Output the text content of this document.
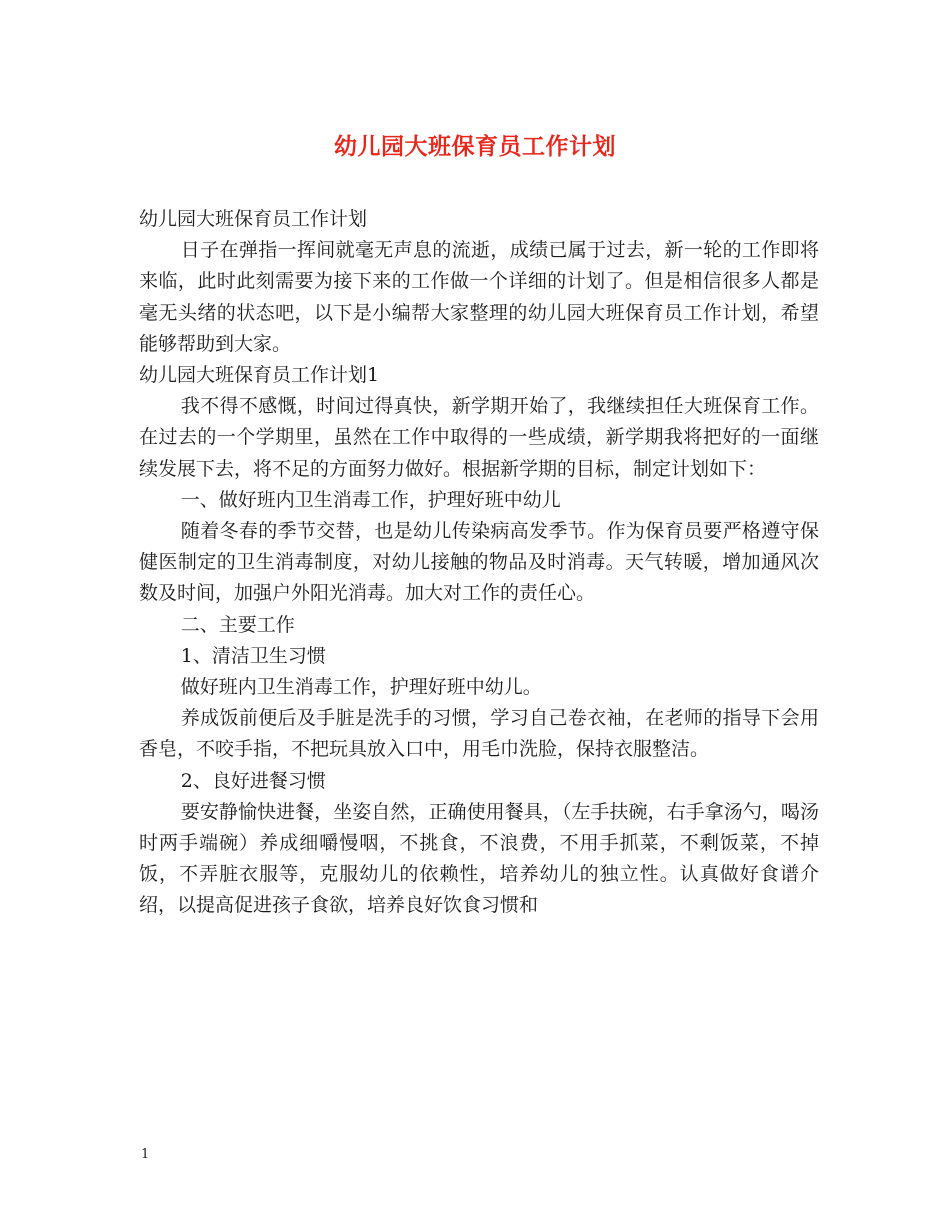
幼儿园大班保育员工作计划

幼儿园大班保育员工作计划

日子在弹指一挥间就毫无声息的流逝，成绩已属于过去，新一轮的工作即将来临，此时此刻需要为接下来的工作做一个详细的计划了。但是相信很多人都是毫无头绪的状态吧，以下是小编帮大家整理的幼儿园大班保育员工作计划，希望能够帮助到大家。

幼儿园大班保育员工作计划1

我不得不感慨，时间过得真快，新学期开始了，我继续担任大班保育工作。在过去的一个学期里，虽然在工作中取得的一些成绩，新学期我将把好的一面继续发展下去，将不足的方面努力做好。根据新学期的目标，制定计划如下：

一、做好班内卫生消毒工作，护理好班中幼儿

随着冬春的季节交替，也是幼儿传染病高发季节。作为保育员要严格遵守保健医制定的卫生消毒制度，对幼儿接触的物品及时消毒。天气转暖，增加通风次数及时间，加强户外阳光消毒。加大对工作的责任心。

二、主要工作

1、清洁卫生习惯

做好班内卫生消毒工作，护理好班中幼儿。

养成饭前便后及手脏是洗手的习惯，学习自己卷衣袖，在老师的指导下会用香皂，不咬手指，不把玩具放入口中，用毛巾洗脸，保持衣服整洁。

2、良好进餐习惯

要安静愉快进餐，坐姿自然，正确使用餐具，（左手扶碗，右手拿汤勺，喝汤时两手端碗）养成细嚼慢咽，不挑食，不浪费，不用手抓菜，不剩饭菜，不掉饭，不弄脏衣服等，克服幼儿的依赖性，培养幼儿的独立性。认真做好食谱介绍，以提高促进孩子食欲，培养良好饮食习惯和

1
